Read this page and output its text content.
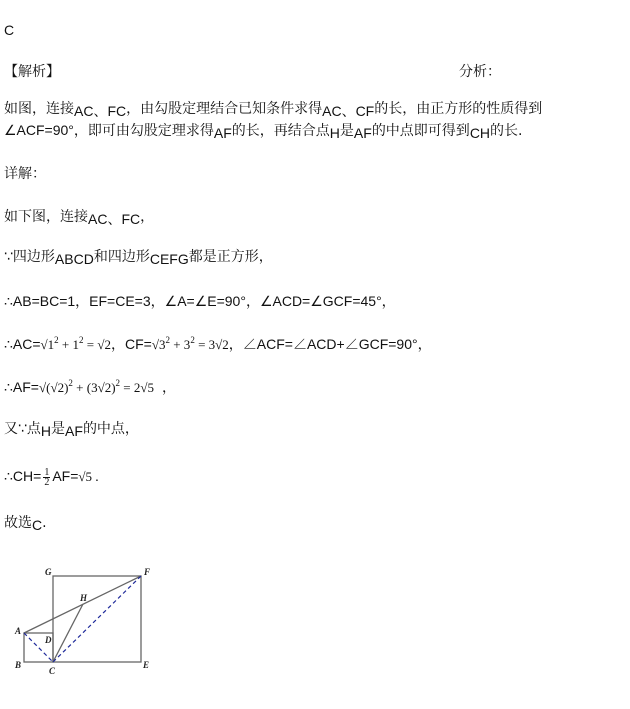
C
【解析】	分析：
如图，连接AC、FC，由勾股定理结合已知条件求得AC、CF的长，由正方形的性质得到
∠ACF=90°，即可由勾股定理求得AF的长，再结合点H是AF的中点即可得到CH的长.
详解：
如下图，连接AC、FC，
∵四边形ABCD和四边形CEFG都是正方形，
∴AB=BC=1，EF=CE=3，∠A=∠E=90°，∠ACD=∠GCF=45°，
$\therefore AC=√1^2 + 1^2 = √2$，$CF=√3^2 + 3^2 = 3√2$，∠ACF=∠ACD+∠GCF=90°，
$\therefore AF=√(√2)^2 + (3√2)^2 = 2√5$ ，
又∵点H是AF的中点，
∴CH= $\frac{1}{2} AF=√5$ .
故选C.
G	F
H
A
D
B
C
E
